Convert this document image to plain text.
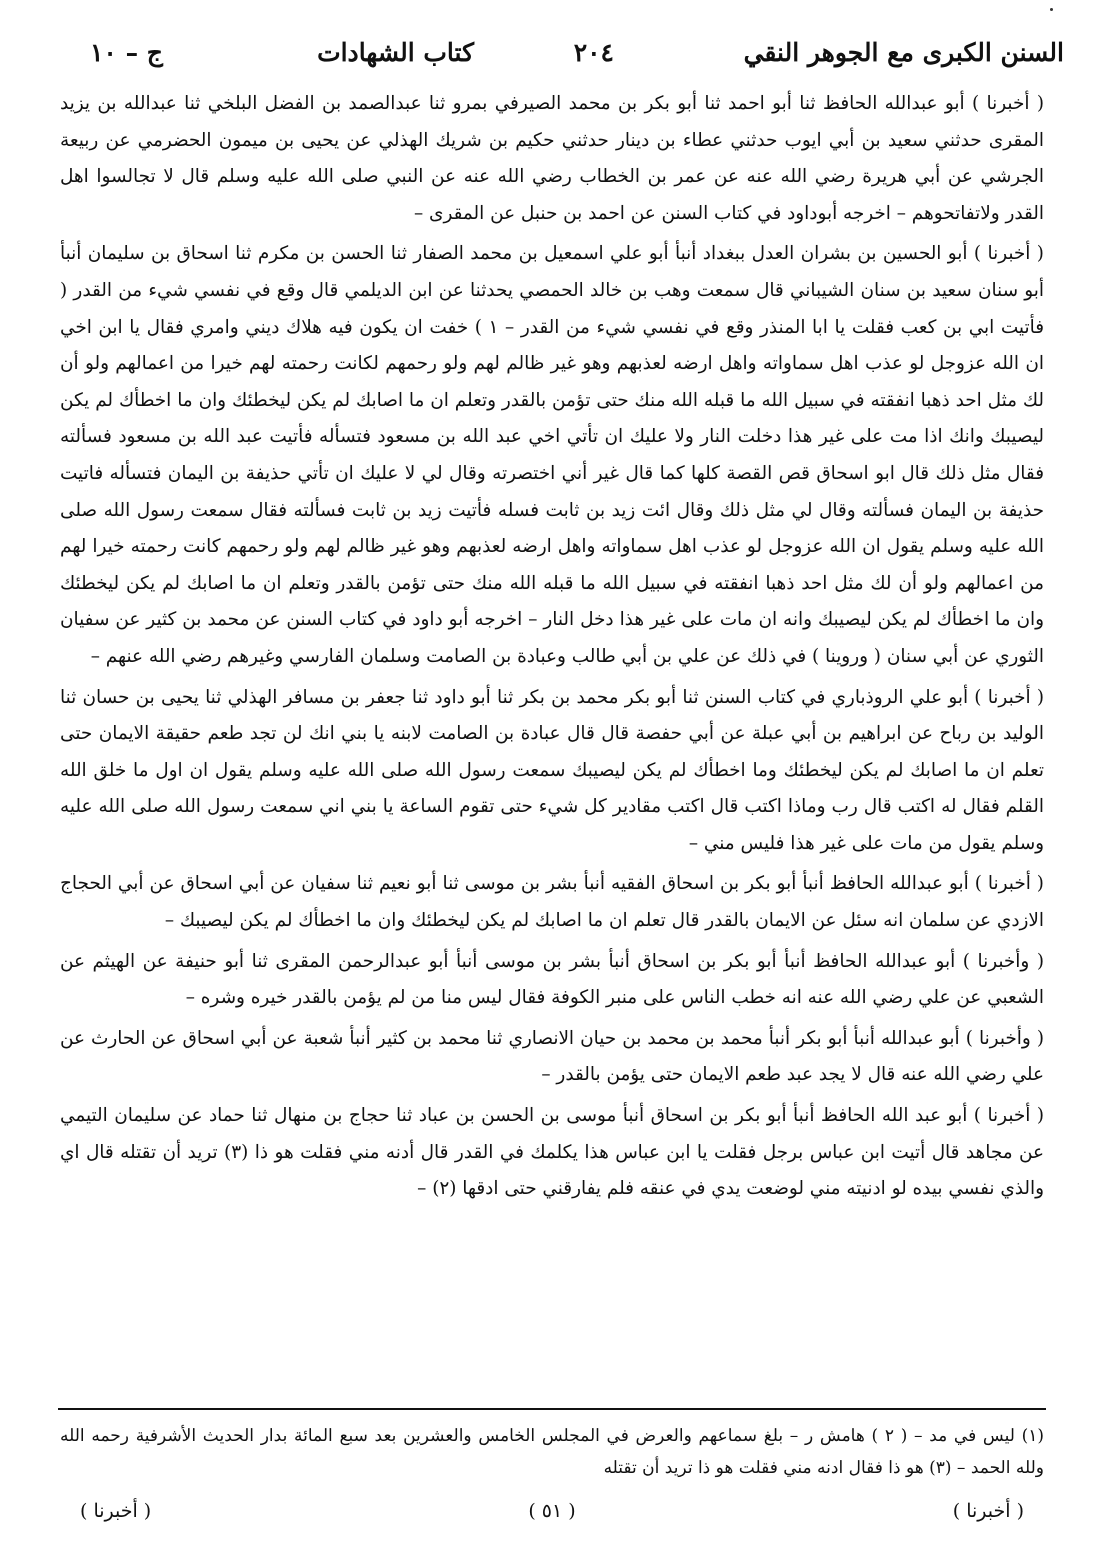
السنن الكبرى مع الجوهر النقي
٢٠٤
كتاب الشهادات
ج – ١٠

( أخبرنا ) أبو عبدالله الحافظ ثنا أبو احمد ثنا أبو بكر بن محمد الصيرفي بمرو ثنا عبدالصمد بن الفضل البلخي ثنا عبدالله بن يزيد المقرى حدثني سعيد بن أبي ايوب حدثني عطاء بن دينار حدثني حكيم بن شريك الهذلي عن يحيى بن ميمون الحضرمي عن ربيعة الجرشي عن أبي هريرة رضي الله عنه عن عمر بن الخطاب رضي الله عنه عن النبي صلى الله عليه وسلم قال لا تجالسوا اهل القدر ولاتفاتحوهم – اخرجه أبوداود في كتاب السنن عن احمد بن حنبل عن المقرى –

( أخبرنا ) أبو الحسين بن بشران العدل ببغداد أنبأ أبو علي اسمعيل بن محمد الصفار ثنا الحسن بن مكرم ثنا اسحاق بن سليمان أنبأ أبو سنان سعيد بن سنان الشيباني قال سمعت وهب بن خالد الحمصي يحدثنا عن ابن الديلمي قال وقع في نفسي شيء من القدر ( فأتيت ابي بن كعب فقلت يا ابا المنذر وقع في نفسي شيء من القدر – ١ ) خفت ان يكون فيه هلاك ديني وامري فقال يا ابن اخي ان الله عزوجل لو عذب اهل سماواته واهل ارضه لعذبهم وهو غير ظالم لهم ولو رحمهم لكانت رحمته لهم خيرا من اعمالهم ولو أن لك مثل احد ذهبا انفقته في سبيل الله ما قبله الله منك حتى تؤمن بالقدر وتعلم ان ما اصابك لم يكن ليخطئك وان ما اخطأك لم يكن ليصيبك وانك اذا مت على غير هذا دخلت النار ولا عليك ان تأتي اخي عبد الله بن مسعود فتسأله فأتيت عبد الله بن مسعود فسألته فقال مثل ذلك قال ابو اسحاق قص القصة كلها كما قال غير أني اختصرته وقال لي لا عليك ان تأتي حذيفة بن اليمان فتسأله فاتيت حذيفة بن اليمان فسألته وقال لي مثل ذلك وقال ائت زيد بن ثابت فسله فأتيت زيد بن ثابت فسألته فقال سمعت رسول الله صلى الله عليه وسلم يقول ان الله عزوجل لو عذب اهل سماواته واهل ارضه لعذبهم وهو غير ظالم لهم ولو رحمهم كانت رحمته خيرا لهم من اعمالهم ولو أن لك مثل احد ذهبا انفقته في سبيل الله ما قبله الله منك حتى تؤمن بالقدر وتعلم ان ما اصابك لم يكن ليخطئك وان ما اخطأك لم يكن ليصيبك وانه ان مات على غير هذا دخل النار – اخرجه أبو داود في كتاب السنن عن محمد بن كثير عن سفيان الثوري عن أبي سنان ( وروينا ) في ذلك عن علي بن أبي طالب وعبادة بن الصامت وسلمان الفارسي وغيرهم رضي الله عنهم –

( أخبرنا ) أبو علي الروذباري في كتاب السنن ثنا أبو بكر محمد بن بكر ثنا أبو داود ثنا جعفر بن مسافر الهذلي ثنا يحيى بن حسان ثنا الوليد بن رباح عن ابراهيم بن أبي عبلة عن أبي حفصة قال قال عبادة بن الصامت لابنه يا بني انك لن تجد طعم حقيقة الايمان حتى تعلم ان ما اصابك لم يكن ليخطئك وما اخطأك لم يكن ليصيبك سمعت رسول الله صلى الله عليه وسلم يقول ان اول ما خلق الله القلم فقال له اكتب قال رب وماذا اكتب قال اكتب مقادير كل شيء حتى تقوم الساعة يا بني اني سمعت رسول الله صلى الله عليه وسلم يقول من مات على غير هذا فليس مني –

( أخبرنا ) أبو عبدالله الحافظ أنبأ أبو بكر بن اسحاق الفقيه أنبأ بشر بن موسى ثنا أبو نعيم ثنا سفيان عن أبي اسحاق عن أبي الحجاج الازدي عن سلمان انه سئل عن الايمان بالقدر قال تعلم ان ما اصابك لم يكن ليخطئك وان ما اخطأك لم يكن ليصيبك –

( وأخبرنا ) أبو عبدالله الحافظ أنبأ أبو بكر بن اسحاق أنبأ بشر بن موسى أنبأ أبو عبدالرحمن المقرى ثنا أبو حنيفة عن الهيثم عن الشعبي عن علي رضي الله عنه انه خطب الناس على منبر الكوفة فقال ليس منا من لم يؤمن بالقدر خيره وشره –

( وأخبرنا ) أبو عبدالله أنبأ أبو بكر أنبأ محمد بن محمد بن حيان الانصاري ثنا محمد بن كثير أنبأ شعبة عن أبي اسحاق عن الحارث عن علي رضي الله عنه قال لا يجد عبد طعم الايمان حتى يؤمن بالقدر –

( أخبرنا ) أبو عبد الله الحافظ أنبأ أبو بكر بن اسحاق أنبأ موسى بن الحسن بن عباد ثنا حجاج بن منهال ثنا حماد عن سليمان التيمي عن مجاهد قال أتيت ابن عباس برجل فقلت يا ابن عباس هذا يكلمك في القدر قال أدنه مني فقلت هو ذا (٣) تريد أن تقتله قال اي والذي نفسي بيده لو ادنيته مني لوضعت يدي في عنقه فلم يفارقني حتى ادقها (٢) –

(١) ليس في مد – ( ٢ ) هامش ر – بلغ سماعهم والعرض في المجلس الخامس والعشرين بعد سبع المائة بدار الحديث الأشرفية رحمه الله ولله الحمد – (٣) هو ذا فقال ادنه مني فقلت هو ذا تريد أن تقتله
( أخبرنا )
( ٥١ )
( أخبرنا )
